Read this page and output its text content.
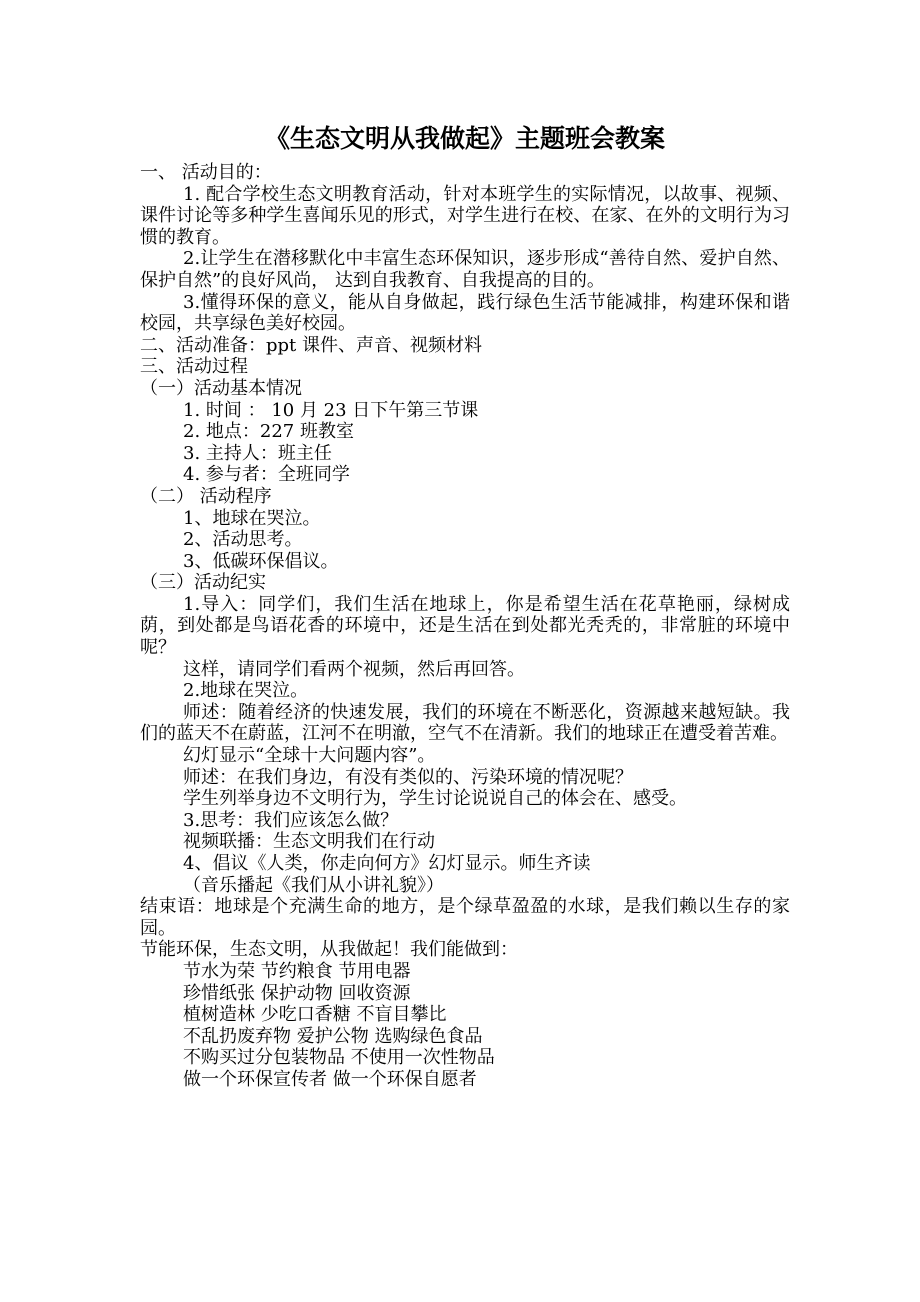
《生态文明从我做起》主题班会教案

一、 活动目的：

1. 配合学校生态文明教育活动，针对本班学生的实际情况，以故事、视频、课件讨论等多种学生喜闻乐见的形式，对学生进行在校、在家、在外的文明行为习惯的教育。

2.让学生在潜移默化中丰富生态环保知识，逐步形成“善待自然、爱护自然、保护自然”的良好风尚， 达到自我教育、自我提高的目的。

3.懂得环保的意义，能从自身做起，践行绿色生活节能减排，构建环保和谐校园，共享绿色美好校园。

二、活动准备：ppt 课件、声音、视频材料

三、活动过程

（一）活动基本情况

1. 时间 ： 10 月 23 日下午第三节课

2. 地点：227 班教室

3. 主持人：班主任

4. 参与者：全班同学

（二） 活动程序

1、地球在哭泣。

2、活动思考。

3、低碳环保倡议。

（三）活动纪实

1.导入：同学们，我们生活在地球上，你是希望生活在花草艳丽，绿树成荫，到处都是鸟语花香的环境中，还是生活在到处都光秃秃的，非常脏的环境中呢？

这样，请同学们看两个视频，然后再回答。

2.地球在哭泣。

师述：随着经济的快速发展，我们的环境在不断恶化，资源越来越短缺。我们的蓝天不在蔚蓝，江河不在明澈，空气不在清新。我们的地球正在遭受着苦难。

幻灯显示“全球十大问题内容”。

师述：在我们身边，有没有类似的、污染环境的情况呢？

学生列举身边不文明行为，学生讨论说说自己的体会在、感受。

3.思考：我们应该怎么做？

视频联播：生态文明我们在行动

4、倡议《人类，你走向何方》幻灯显示。师生齐读

（音乐播起《我们从小讲礼貌》）

结束语：地球是个充满生命的地方，是个绿草盈盈的水球，是我们赖以生存的家园。

节能环保，生态文明，从我做起！我们能做到：

节水为荣 节约粮食 节用电器

珍惜纸张 保护动物 回收资源

植树造林 少吃口香糖 不盲目攀比

不乱扔废弃物 爱护公物 选购绿色食品

不购买过分包装物品 不使用一次性物品

做一个环保宣传者 做一个环保自愿者
